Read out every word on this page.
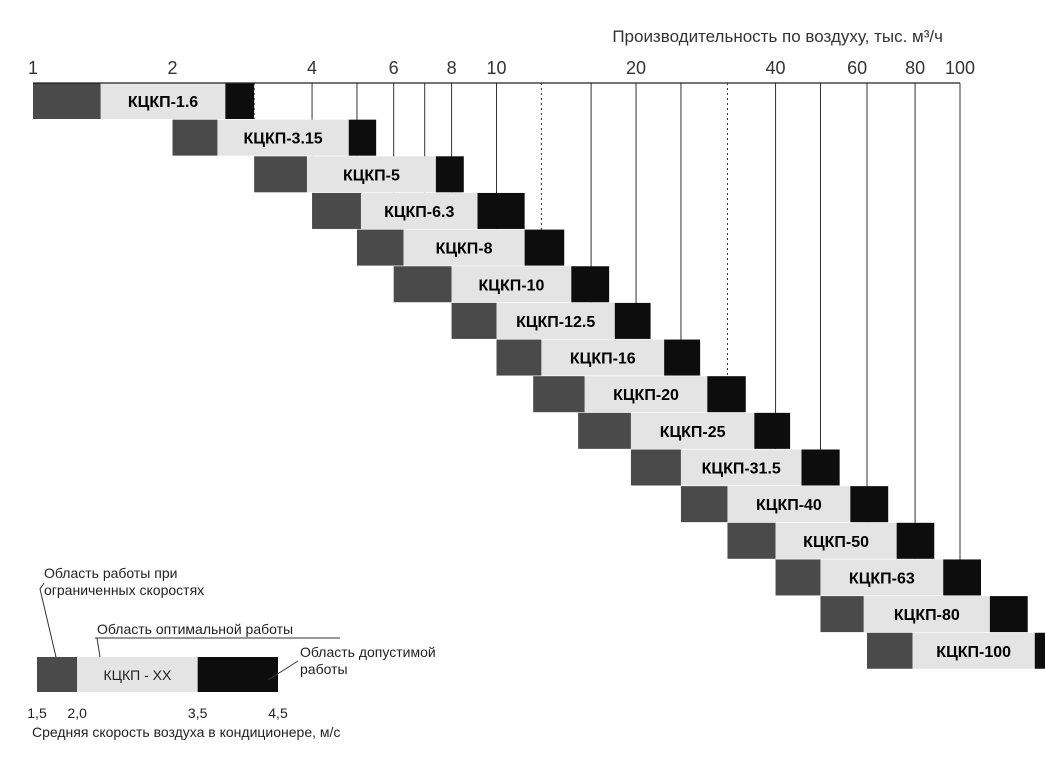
КЦКП-1.6
КЦКП-3.15
КЦКП-5
КЦКП-6.3
КЦКП-8
КЦКП-10
КЦКП-12.5
КЦКП-16
КЦКП-20
КЦКП-25
КЦКП-31.5
КЦКП-40
КЦКП-50
КЦКП-63
КЦКП-80
КЦКП-100
Производительность по воздуху, тыс. м³/ч
1	2	4	6	8 10	20	40	60 80 100
КЦКП - XX
1,5 2,0	3,5	4,5
Средняя скорость воздуха в кондиционере, м/с
Область работы при ограниченных скоростях
Область оптимальной работы
Область допустимой работы
